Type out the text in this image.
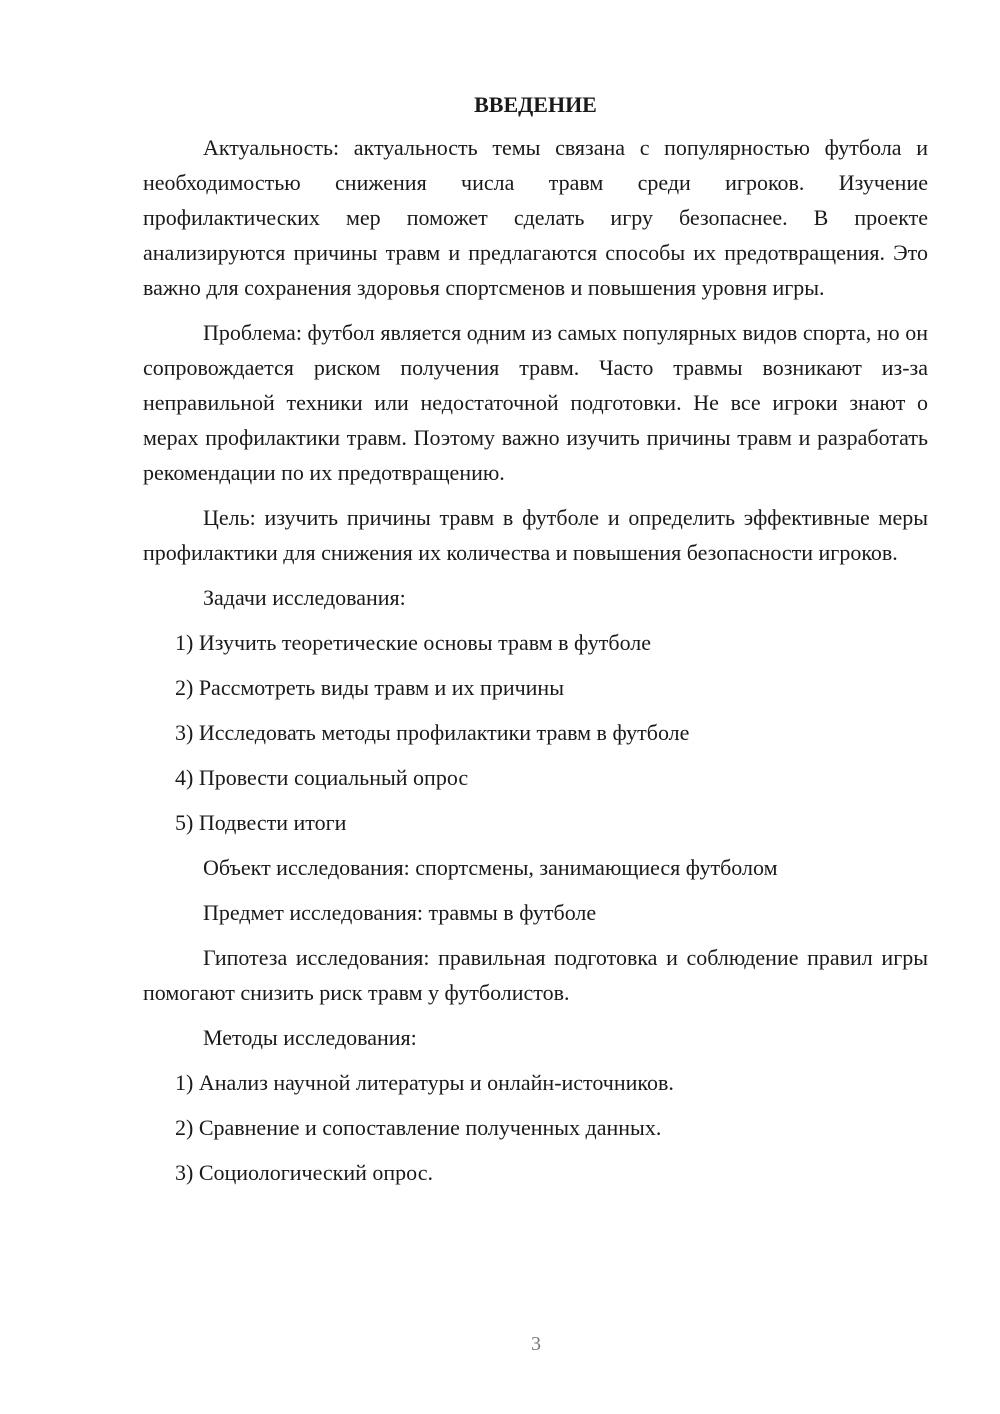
ВВЕДЕНИЕ

Актуальность: актуальность темы связана с популярностью футбола и необходимостью снижения числа травм среди игроков. Изучение профилактических мер поможет сделать игру безопаснее. В проекте анализируются причины травм и предлагаются способы их предотвращения. Это важно для сохранения здоровья спортсменов и повышения уровня игры.

Проблема: футбол является одним из самых популярных видов спорта, но он сопровождается риском получения травм. Часто травмы возникают из-за неправильной техники или недостаточной подготовки. Не все игроки знают о мерах профилактики травм. Поэтому важно изучить причины травм и разработать рекомендации по их предотвращению.

Цель: изучить причины травм в футболе и определить эффективные меры профилактики для снижения их количества и повышения безопасности игроков.

Задачи исследования:
1) Изучить теоретические основы травм в футболе
2) Рассмотреть виды травм и их причины
3) Исследовать методы профилактики травм в футболе
4) Провести социальный опрос
5) Подвести итоги
Объект исследования: спортсмены, занимающиеся футболом
Предмет исследования: травмы в футболе

Гипотеза исследования: правильная подготовка и соблюдение правил игры помогают снизить риск травм у футболистов.

Методы исследования:
1) Анализ научной литературы и онлайн-источников.
2) Сравнение и сопоставление полученных данных.
3) Социологический опрос.
3
